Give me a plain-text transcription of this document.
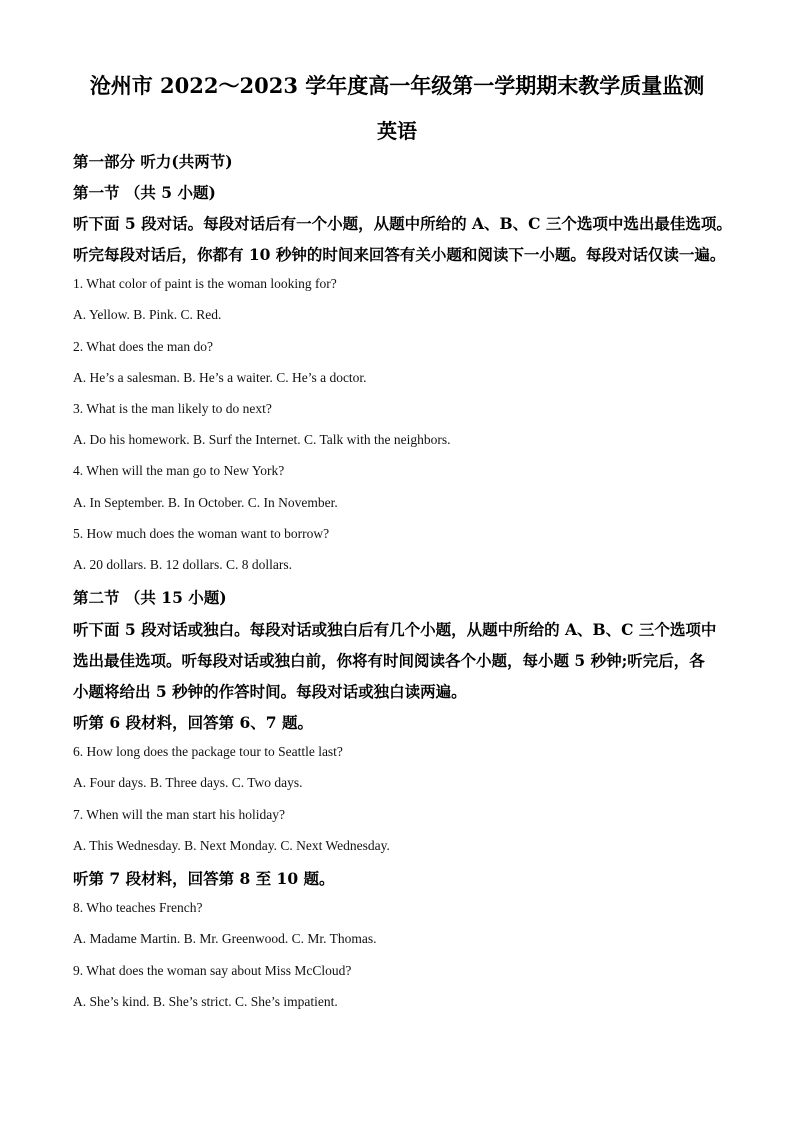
沧州市 2022～2023 学年度高一年级第一学期期末教学质量监测
英语
第一部分 听力(共两节)
第一节 （共 5 小题)
听下面 5 段对话。每段对话后有一个小题，从题中所给的 A、B、C 三个选项中选出最佳选项。
听完每段对话后，你都有 10 秒钟的时间来回答有关小题和阅读下一小题。每段对话仅读一遍。
1. What color of paint is the woman looking for?
A. Yellow. B. Pink. C. Red.
2. What does the man do?
A. He’s a salesman. B. He’s a waiter. C. He’s a doctor.
3. What is the man likely to do next?
A. Do his homework. B. Surf the Internet. C. Talk with the neighbors.
4. When will the man go to New York?
A. In September. B. In October. C. In November.
5. How much does the woman want to borrow?
A. 20 dollars. B. 12 dollars. C. 8 dollars.
第二节 （共 15 小题)
听下面 5 段对话或独白。每段对话或独白后有几个小题，从题中所给的 A、B、C 三个选项中
选出最佳选项。听每段对话或独白前，你将有时间阅读各个小题，每小题 5 秒钟;听完后，各
小题将给出 5 秒钟的作答时间。每段对话或独白读两遍。
听第 6 段材料，回答第 6、7 题。
6. How long does the package tour to Seattle last?
A. Four days. B. Three days. C. Two days.
7. When will the man start his holiday?
A. This Wednesday. B. Next Monday. C. Next Wednesday.
听第 7 段材料，回答第 8 至 10 题。
8. Who teaches French?
A. Madame Martin. B. Mr. Greenwood. C. Mr. Thomas.
9. What does the woman say about Miss McCloud?
A. She’s kind. B. She’s strict. C. She’s impatient.
